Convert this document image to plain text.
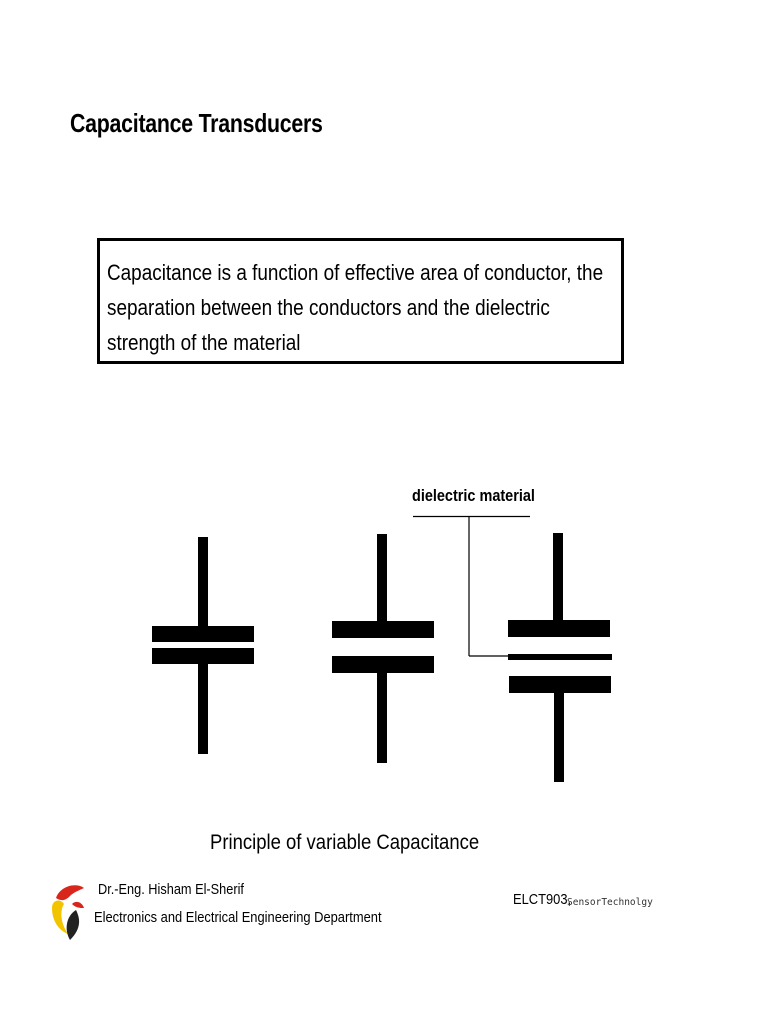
Capacitance Transducers
Capacitance is a function of effective area of conductor, the separation between the conductors and the dielectric strength of the material
dielectric material
Principle of variable Capacitance
Dr.-Eng. Hisham El-Sherif
Electronics and Electrical Engineering Department
ELCT903,
SensorTechnolgy
